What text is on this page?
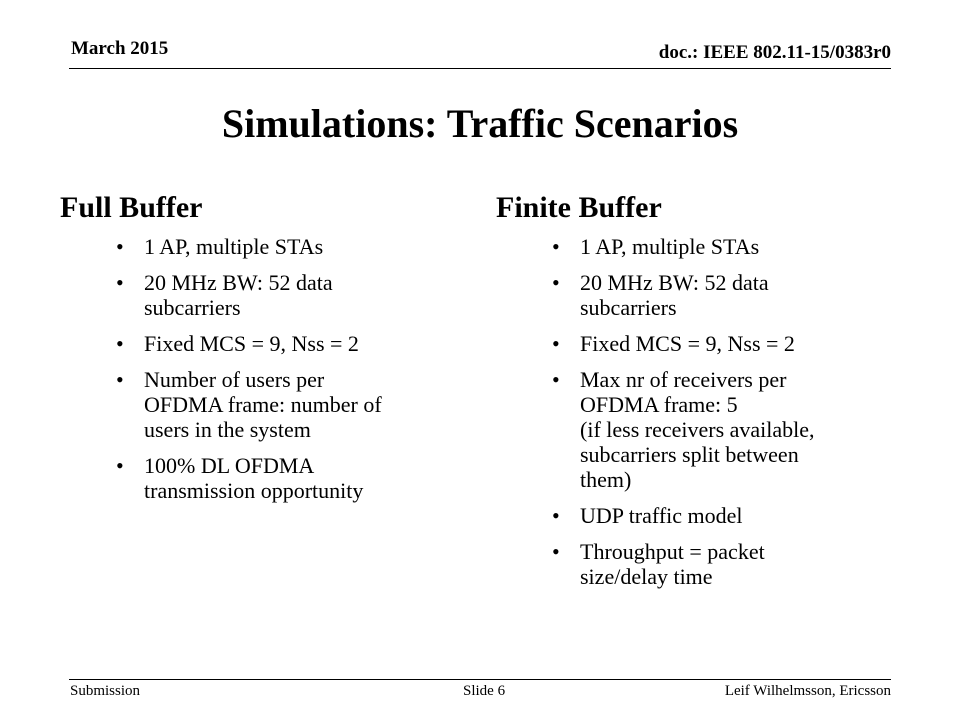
March 2015	doc.: IEEE 802.11-15/0383r0
Simulations: Traffic Scenarios
Full Buffer
• 1 AP, multiple STAs
• 20 MHz BW: 52 data
subcarriers
• Fixed MCS = 9, Nss = 2
• Number of users per
OFDMA frame: number of
users in the system
• 100% DL OFDMA
transmission opportunity
Finite Buffer
• 1 AP, multiple STAs
• 20 MHz BW: 52 data
subcarriers
• Fixed MCS = 9, Nss = 2
• Max nr of receivers per
OFDMA frame: 5
(if less receivers available,
subcarriers split between
them)
• UDP traffic model
• Throughput = packet
size/delay time
Submission	Slide 6	Leif Wilhelmsson, Ericsson
